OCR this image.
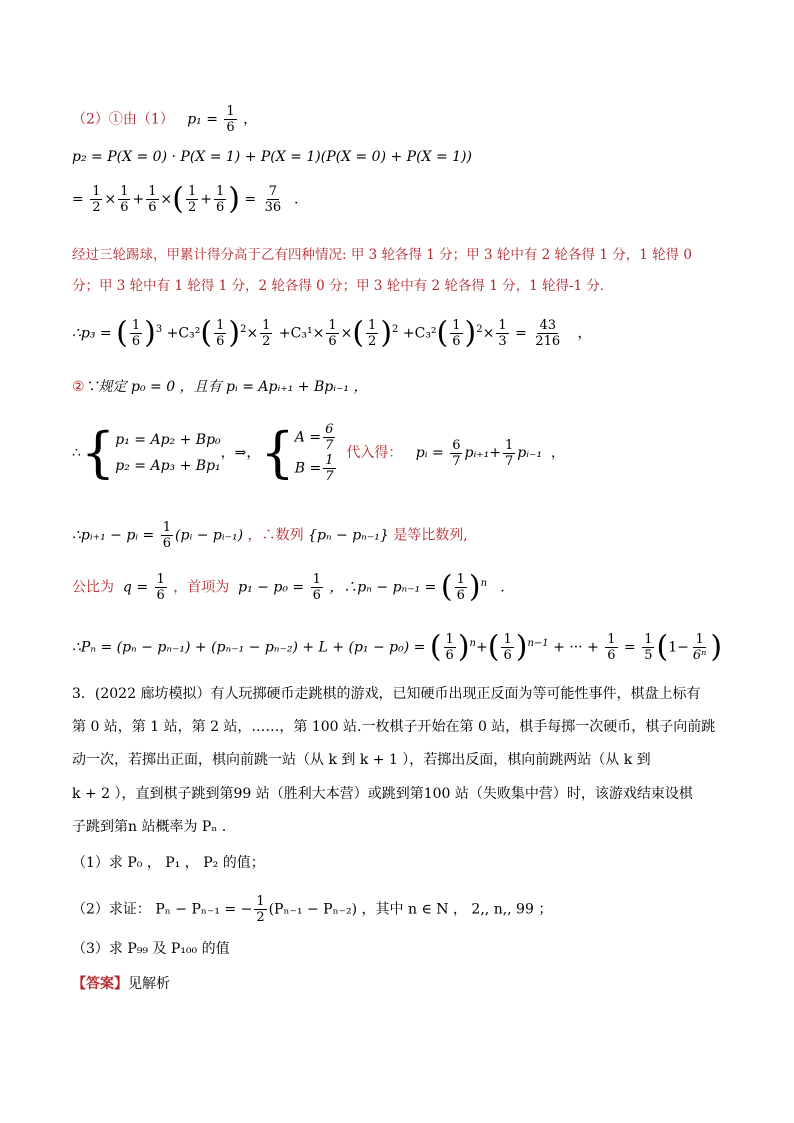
（2）①由（1） $p_1 = \frac{1}{6}$ ，
p₂ = P(X = 0) · P(X = 1) + P(X = 1)(P(X = 0) + P(X = 1))
= $\frac{1}{2} \times \frac{1}{6} + \frac{1}{6}$ ×( $\frac{1}{2} + \frac{1}{6}$ ) = $\frac{7}{36}$ ．
经过三轮踢球，甲累计得分高于乙有四种情况: 甲 3 轮各得 1 分；甲 3 轮中有 2 轮各得 1 分，1 轮得 0
分；甲 3 轮中有 1 轮得 1 分，2 轮各得 0 分；甲 3 轮中有 2 轮各得 1 分，1 轮得-1 分．
∴p₃ = ( $\frac{1}{6} )^3 +C_3^2( \frac{1}{6} )^2\times \frac{1}{2} +C_3^1\times \frac{1}{6}$ ×( $\frac{1}{2} )^2 +C_3^2( \frac{1}{6} )^2\times \frac{1}{3} = \frac{43}{216}$ ，
②∵规定 p₀ = 0 ，且有 pᵢ = Apᵢ₊₁ + Bpᵢ₋₁ ，
∴{ p₁ = Ap₂ + Bp₀
p₂ = Ap₃ + Bp₁
，⇒，{ $A = \frac{6}{7}$
$B = \frac{1}{7}$ 代入得： pᵢ = $\frac{6}{7}$ pᵢ₊₁+ $\frac{1}{7}$ pᵢ₋₁ ，
∴pᵢ₊₁ − pᵢ = $\frac{1}{6}$ (pᵢ − pᵢ₋₁) ，∴数列 {pₙ − pₙ₋₁} 是等比数列,
公比为 $q = \frac{1}{6}$ ，首项为 $p_1 - p_0 = \frac{1}{6}$ ，∴pₙ − pₙ₋₁ = ( $\frac{1}{6} )^n$ ．
∴Pₙ = (pₙ − pₙ₋₁) + (pₙ₋₁ − pₙ₋₂) + L + (p₁ − p₀) = ( $\frac{1}{6} )^n+( \frac{1}{6} )^{n-1}$ + ··· + $\frac{1}{6} = \frac{1}{5} (1- \frac{1}{\text{6ⁿ}}$ )
3．(2022 廊坊模拟）有人玩掷硬币走跳棋的游戏，已知硬币出现正反面为等可能性事件，棋盘上标有
第 0 站，第 1 站，第 2 站，……，第 100 站.一枚棋子开始在第 0 站，棋手每掷一次硬币，棋子向前跳
动一次，若掷出正面，棋向前跳一站（从 k 到 k + 1 ），若掷出反面，棋向前跳两站（从 k 到
k + 2 ），直到棋子跳到第99 站（胜利大本营）或跳到第100 站（失败集中营）时，该游戏结束设棋
子跳到第n 站概率为 Pₙ ．
（1）求 P₀ ， P₁ ， P₂ 的值；
（2）求证： Pₙ − Pₙ₋₁ = − $\frac{1}{2} (P_{n-1} - P_{n-2})$ ，其中 n ∈ N ， 2,, n,, 99 ；
（3）求 P₉₉ 及 P₁₀₀ 的值
【答案】见解析
